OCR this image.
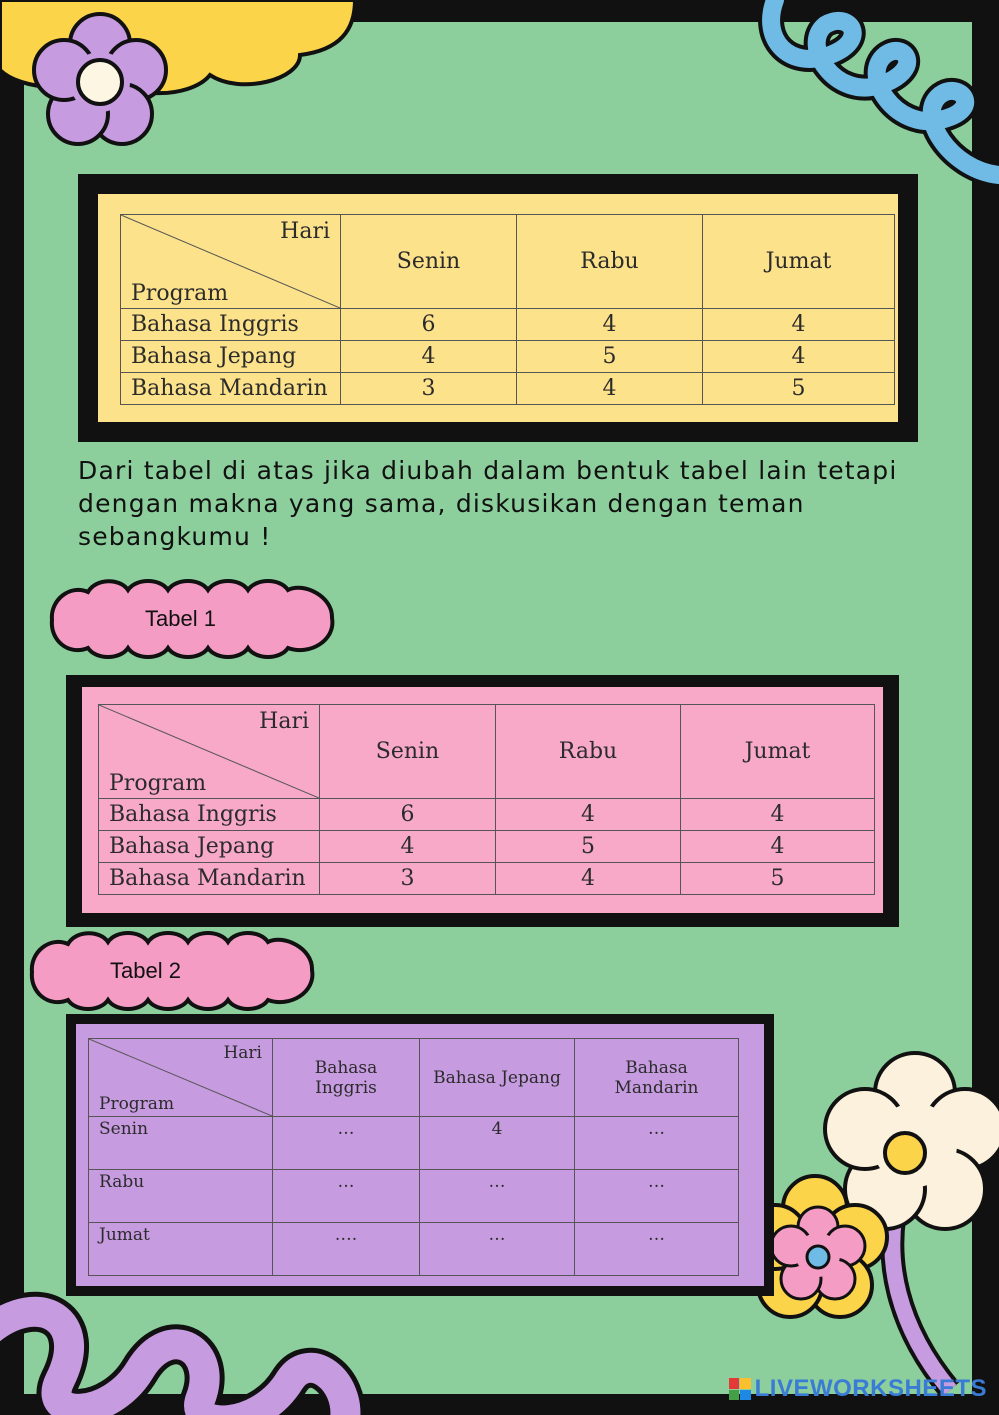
Hari
Program	Senin	Rabu	Jumat
Bahasa Inggris	6	4	4
Bahasa Jepang	4	5	4
Bahasa Mandarin	3	4	5

Dari tabel di atas jika diubah dalam bentuk tabel lain tetapi dengan makna yang sama, diskusikan dengan teman sebangkumu !

Tabel 1
Hari
Program	Senin	Rabu	Jumat
Bahasa Inggris	6	4	4
Bahasa Jepang	4	5	4
Bahasa Mandarin	3	4	5
Tabel 2
Hari
Program	Bahasa Inggris	Bahasa Jepang	Bahasa Mandarin
Senin	…	4	…
Rabu	…	…	…
Jumat	….	…	…
LIVEWORKSHEETS
